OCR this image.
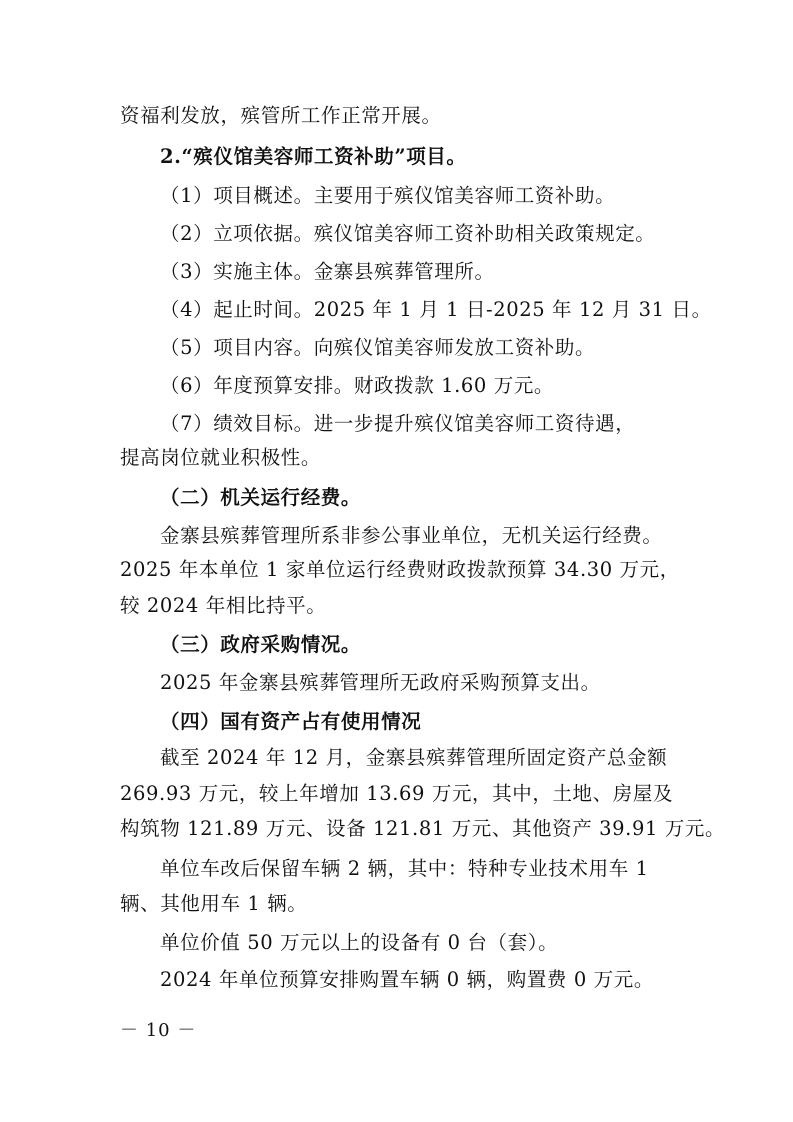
资福利发放，殡管所工作正常开展。
2.“殡仪馆美容师工资补助”项目。
（1）项目概述。主要用于殡仪馆美容师工资补助。
（2）立项依据。殡仪馆美容师工资补助相关政策规定。
（3）实施主体。金寨县殡葬管理所。
（4）起止时间。2025 年 1 月 1 日-2025 年 12 月 31 日。
（5）项目内容。向殡仪馆美容师发放工资补助。
（6）年度预算安排。财政拨款 1.60 万元。
（7）绩效目标。进一步提升殡仪馆美容师工资待遇，
提高岗位就业积极性。
（二）机关运行经费。
金寨县殡葬管理所系非参公事业单位，无机关运行经费。
2025 年本单位 1 家单位运行经费财政拨款预算 34.30 万元，
较 2024 年相比持平。
（三）政府采购情况。
2025 年金寨县殡葬管理所无政府采购预算支出。
（四）国有资产占有使用情况
截至 2024 年 12 月，金寨县殡葬管理所固定资产总金额
269.93 万元，较上年增加 13.69 万元，其中，土地、房屋及
构筑物 121.89 万元、设备 121.81 万元、其他资产 39.91 万元。
单位车改后保留车辆 2 辆，其中：特种专业技术用车 1
辆、其他用车 1 辆。
单位价值 50 万元以上的设备有 0 台（套）。
2024 年单位预算安排购置车辆 0 辆，购置费 0 万元。
－ 10 －
